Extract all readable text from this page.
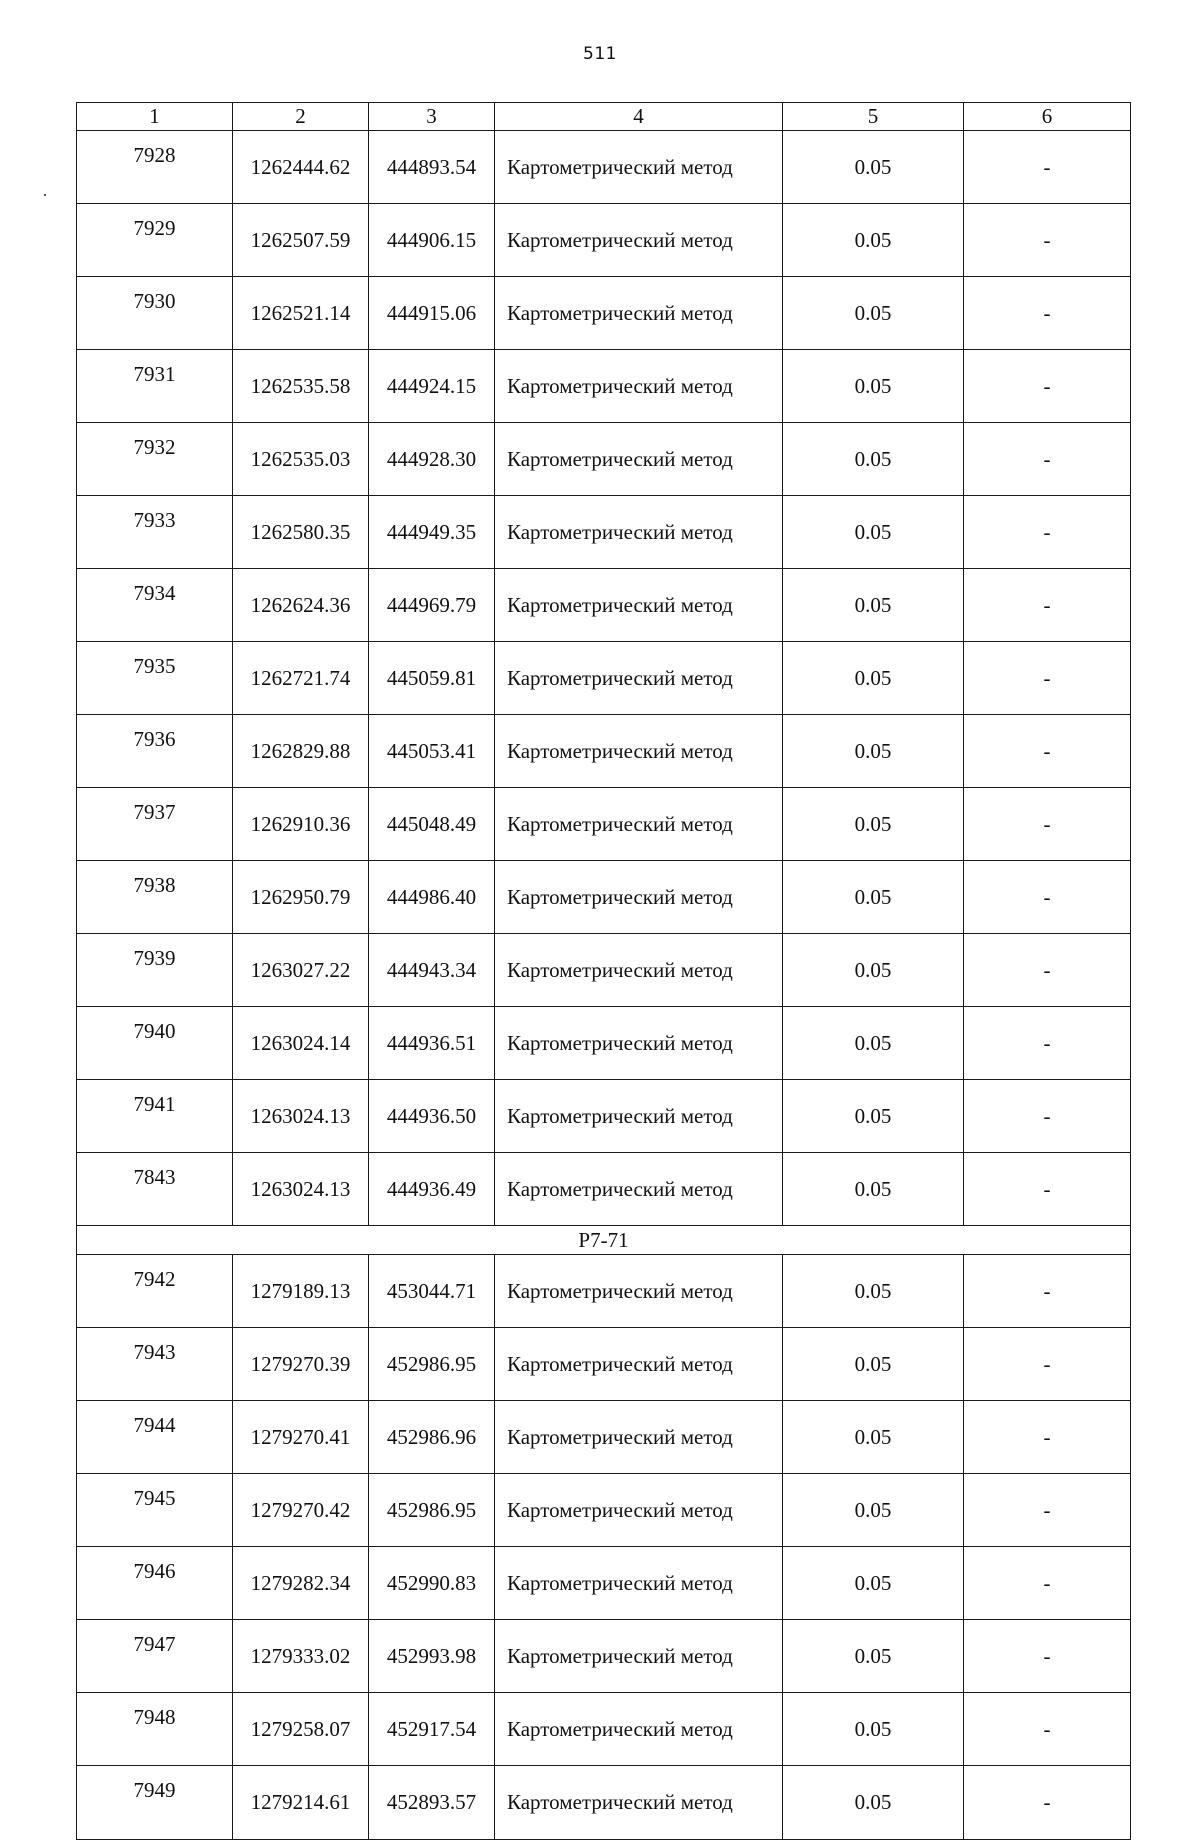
511
1	2	3	4	5	6
7928	1262444.62	444893.54	Картометрический метод	0.05	-
7929	1262507.59	444906.15	Картометрический метод	0.05	-
7930	1262521.14	444915.06	Картометрический метод	0.05	-
7931	1262535.58	444924.15	Картометрический метод	0.05	-
7932	1262535.03	444928.30	Картометрический метод	0.05	-
7933	1262580.35	444949.35	Картометрический метод	0.05	-
7934	1262624.36	444969.79	Картометрический метод	0.05	-
7935	1262721.74	445059.81	Картометрический метод	0.05	-
7936	1262829.88	445053.41	Картометрический метод	0.05	-
7937	1262910.36	445048.49	Картометрический метод	0.05	-
7938	1262950.79	444986.40	Картометрический метод	0.05	-
7939	1263027.22	444943.34	Картометрический метод	0.05	-
7940	1263024.14	444936.51	Картометрический метод	0.05	-
7941	1263024.13	444936.50	Картометрический метод	0.05	-
7843	1263024.13	444936.49	Картометрический метод	0.05	-
Р7-71					
7942	1279189.13	453044.71	Картометрический метод	0.05	-
7943	1279270.39	452986.95	Картометрический метод	0.05	-
7944	1279270.41	452986.96	Картометрический метод	0.05	-
7945	1279270.42	452986.95	Картометрический метод	0.05	-
7946	1279282.34	452990.83	Картометрический метод	0.05	-
7947	1279333.02	452993.98	Картометрический метод	0.05	-
7948	1279258.07	452917.54	Картометрический метод	0.05	-
7949	1279214.61	452893.57	Картометрический метод	0.05	-
